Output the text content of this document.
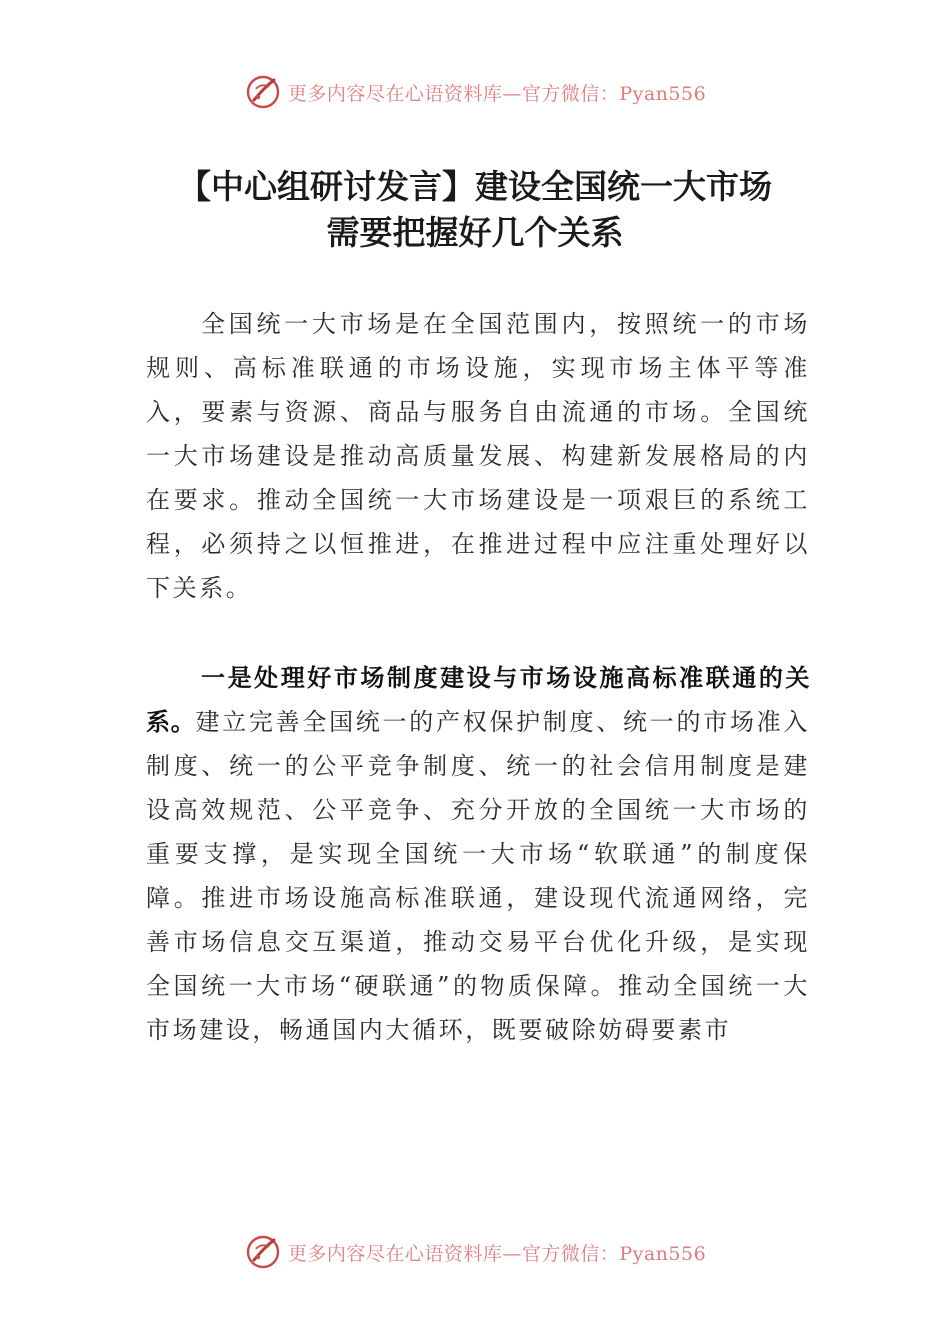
更多内容尽在心语资料库—官方微信：Pyan556
【中心组研讨发言】建设全国统一大市场
需要把握好几个关系

全国统一大市场是在全国范围内，按照统一的市场规则、高标准联通的市场设施，实现市场主体平等准入，要素与资源、商品与服务自由流通的市场。全国统一大市场建设是推动高质量发展、构建新发展格局的内在要求。推动全国统一大市场建设是一项艰巨的系统工程，必须持之以恒推进，在推进过程中应注重处理好以下关系。

一是处理好市场制度建设与市场设施高标准联通的关系。建立完善全国统一的产权保护制度、统一的市场准入制度、统一的公平竞争制度、统一的社会信用制度是建设高效规范、公平竞争、充分开放的全国统一大市场的重要支撑，是实现全国统一大市场“软联通”的制度保障。推进市场设施高标准联通，建设现代流通网络，完善市场信息交互渠道，推动交易平台优化升级，是实现全国统一大市场“硬联通”的物质保障。推动全国统一大市场建设，畅通国内大循环，既要破除妨碍要素市

更多内容尽在心语资料库—官方微信：Pyan556
